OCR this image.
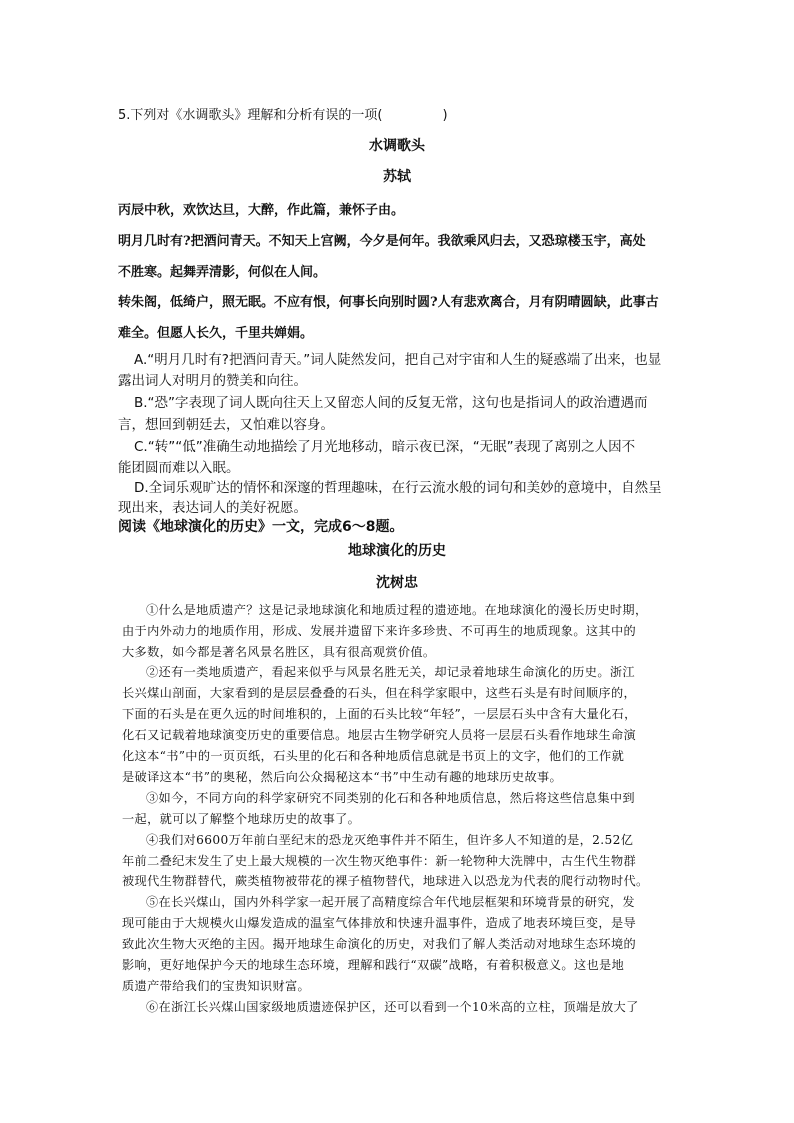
5.下列对《水调歌头》理解和分析有误的一项(	)
水调歌头
苏轼
丙辰中秋，欢饮达旦，大醉，作此篇，兼怀子由。
明月几时有?把酒问青天。不知天上宫阙，今夕是何年。我欲乘风归去，又恐琼楼玉宇，高处
不胜寒。起舞弄清影，何似在人间。
转朱阁，低绮户，照无眠。不应有恨，何事长向别时圆?人有悲欢离合，月有阴晴圆缺，此事古
难全。但愿人长久，千里共婵娟。
A.“明月几时有?把酒问青天。”词人陡然发问，把自己对宇宙和人生的疑惑端了出来，也显
露出词人对明月的赞美和向往。
B.“恐”字表现了词人既向往天上又留恋人间的反复无常，这句也是指词人的政治遭遇而
言，想回到朝廷去，又怕难以容身。
C.“转”“低”准确生动地描绘了月光地移动，暗示夜已深，“无眠”表现了离别之人因不
能团圆而难以入眠。
D.全词乐观旷达的情怀和深邃的哲理趣味，在行云流水般的词句和美妙的意境中，自然呈
现出来，表达词人的美好祝愿。
阅读《地球演化的历史》一文，完成6～8题。
地球演化的历史
沈树忠
①什么是地质遗产？这是记录地球演化和地质过程的遗迹地。在地球演化的漫长历史时期，
由于内外动力的地质作用，形成、发展并遗留下来许多珍贵、不可再生的地质现象。这其中的
大多数，如今都是著名风景名胜区，具有很高观赏价值。
②还有一类地质遗产，看起来似乎与风景名胜无关，却记录着地球生命演化的历史。浙江
长兴煤山剖面，大家看到的是层层叠叠的石头，但在科学家眼中，这些石头是有时间顺序的，
下面的石头是在更久远的时间堆积的，上面的石头比较“年轻”，一层层石头中含有大量化石，
化石又记载着地球演变历史的重要信息。地层古生物学研究人员将一层层石头看作地球生命演
化这本“书”中的一页页纸，石头里的化石和各种地质信息就是书页上的文字，他们的工作就
是破译这本“书”的奥秘，然后向公众揭秘这本“书”中生动有趣的地球历史故事。
③如今，不同方向的科学家研究不同类别的化石和各种地质信息，然后将这些信息集中到
一起，就可以了解整个地球历史的故事了。
④我们对6600万年前白垩纪末的恐龙灭绝事件并不陌生，但许多人不知道的是，2.52亿
年前二叠纪末发生了史上最大规模的一次生物灭绝事件：新一轮物种大洗牌中，古生代生物群
被现代生物群替代，蕨类植物被带花的裸子植物替代，地球进入以恐龙为代表的爬行动物时代。
⑤在长兴煤山，国内外科学家一起开展了高精度综合年代地层框架和环境背景的研究，发
现可能由于大规模火山爆发造成的温室气体排放和快速升温事件，造成了地表环境巨变，是导
致此次生物大灭绝的主因。揭开地球生命演化的历史，对我们了解人类活动对地球生态环境的
影响，更好地保护今天的地球生态环境，理解和践行“双碳”战略，有着积极意义。这也是地
质遗产带给我们的宝贵知识财富。
⑥在浙江长兴煤山国家级地质遗迹保护区，还可以看到一个10米高的立柱，顶端是放大了
